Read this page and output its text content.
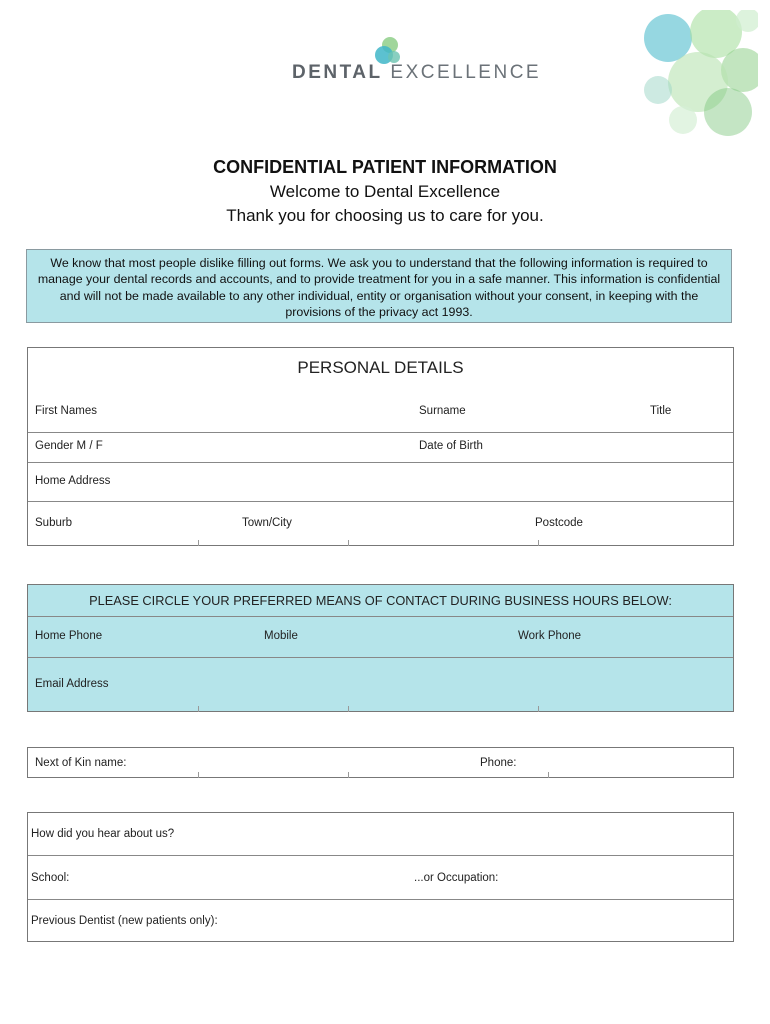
DENTAL EXCELLENCE
CONFIDENTIAL PATIENT INFORMATION
Welcome to Dental Excellence
Thank you for choosing us to care for you.
We know that most people dislike filling out forms. We ask you to understand that the following information is required to manage your dental records and accounts, and to provide treatment for you in a safe manner. This information is confidential and will not be made available to any other individual, entity or organisation without your consent, in keeping with the provisions of the privacy act 1993.
PERSONAL DETAILS
First Names	Surname	Title
Gender M / F	Date of Birth
Home Address
Suburb	Town/City	Postcode
PLEASE CIRCLE YOUR PREFERRED MEANS OF CONTACT DURING BUSINESS HOURS BELOW:
Home Phone	Mobile	Work Phone
Email Address
Next of Kin name:	Phone:
How did you hear about us?
School:	...or Occupation:
Previous Dentist (new patients only):
